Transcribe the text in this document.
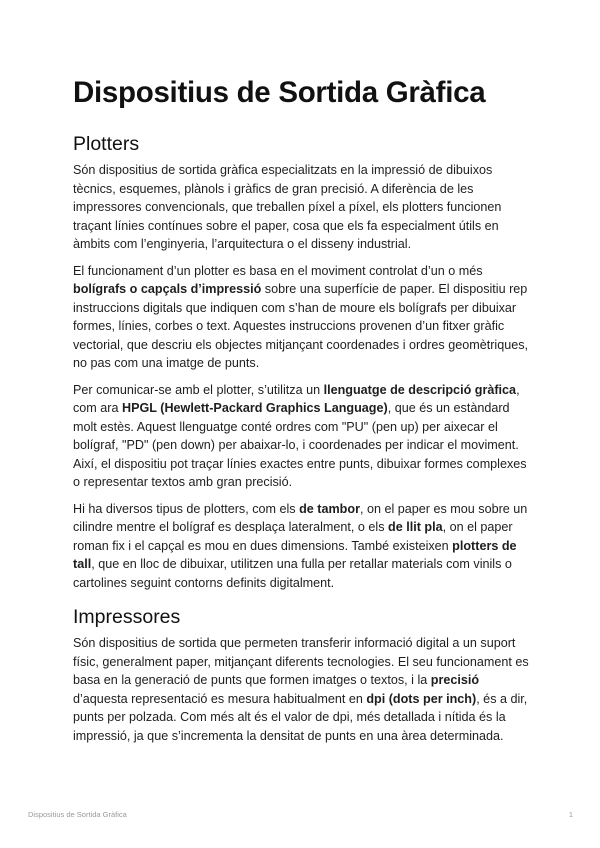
Dispositius de Sortida Gràfica
Plotters

Són dispositius de sortida gràfica especialitzats en la impressió de dibuixos tècnics, esquemes, plànols i gràfics de gran precisió. A diferència de les impressores convencionals, que treballen píxel a píxel, els plotters funcionen traçant línies contínues sobre el paper, cosa que els fa especialment útils en àmbits com l’enginyeria, l’arquitectura o el disseny industrial.

El funcionament d’un plotter es basa en el moviment controlat d’un o més bolígrafs o capçals d’impressió sobre una superfície de paper. El dispositiu rep instruccions digitals que indiquen com s’han de moure els bolígrafs per dibuixar formes, línies, corbes o text. Aquestes instruccions provenen d’un fitxer gràfic vectorial, que descriu els objectes mitjançant coordenades i ordres geomètriques, no pas com una imatge de punts.

Per comunicar-se amb el plotter, s’utilitza un llenguatge de descripció gràfica, com ara HPGL (Hewlett-Packard Graphics Language), que és un estàndard molt estès. Aquest llenguatge conté ordres com "PU" (pen up) per aixecar el bolígraf, "PD" (pen down) per abaixar-lo, i coordenades per indicar el moviment. Així, el dispositiu pot traçar línies exactes entre punts, dibuixar formes complexes o representar textos amb gran precisió.

Hi ha diversos tipus de plotters, com els de tambor, on el paper es mou sobre un cilindre mentre el bolígraf es desplaça lateralment, o els de llit pla, on el paper roman fix i el capçal es mou en dues dimensions. També existeixen plotters de tall, que en lloc de dibuixar, utilitzen una fulla per retallar materials com vinils o cartolines seguint contorns definits digitalment.

Impressores

Són dispositius de sortida que permeten transferir informació digital a un suport físic, generalment paper, mitjançant diferents tecnologies. El seu funcionament es basa en la generació de punts que formen imatges o textos, i la precisió d’aquesta representació es mesura habitualment en dpi (dots per inch), és a dir, punts per polzada. Com més alt és el valor de dpi, més detallada i nítida és la impressió, ja que s’incrementa la densitat de punts en una àrea determinada.

Dispositius de Sortida Gràfica	1
